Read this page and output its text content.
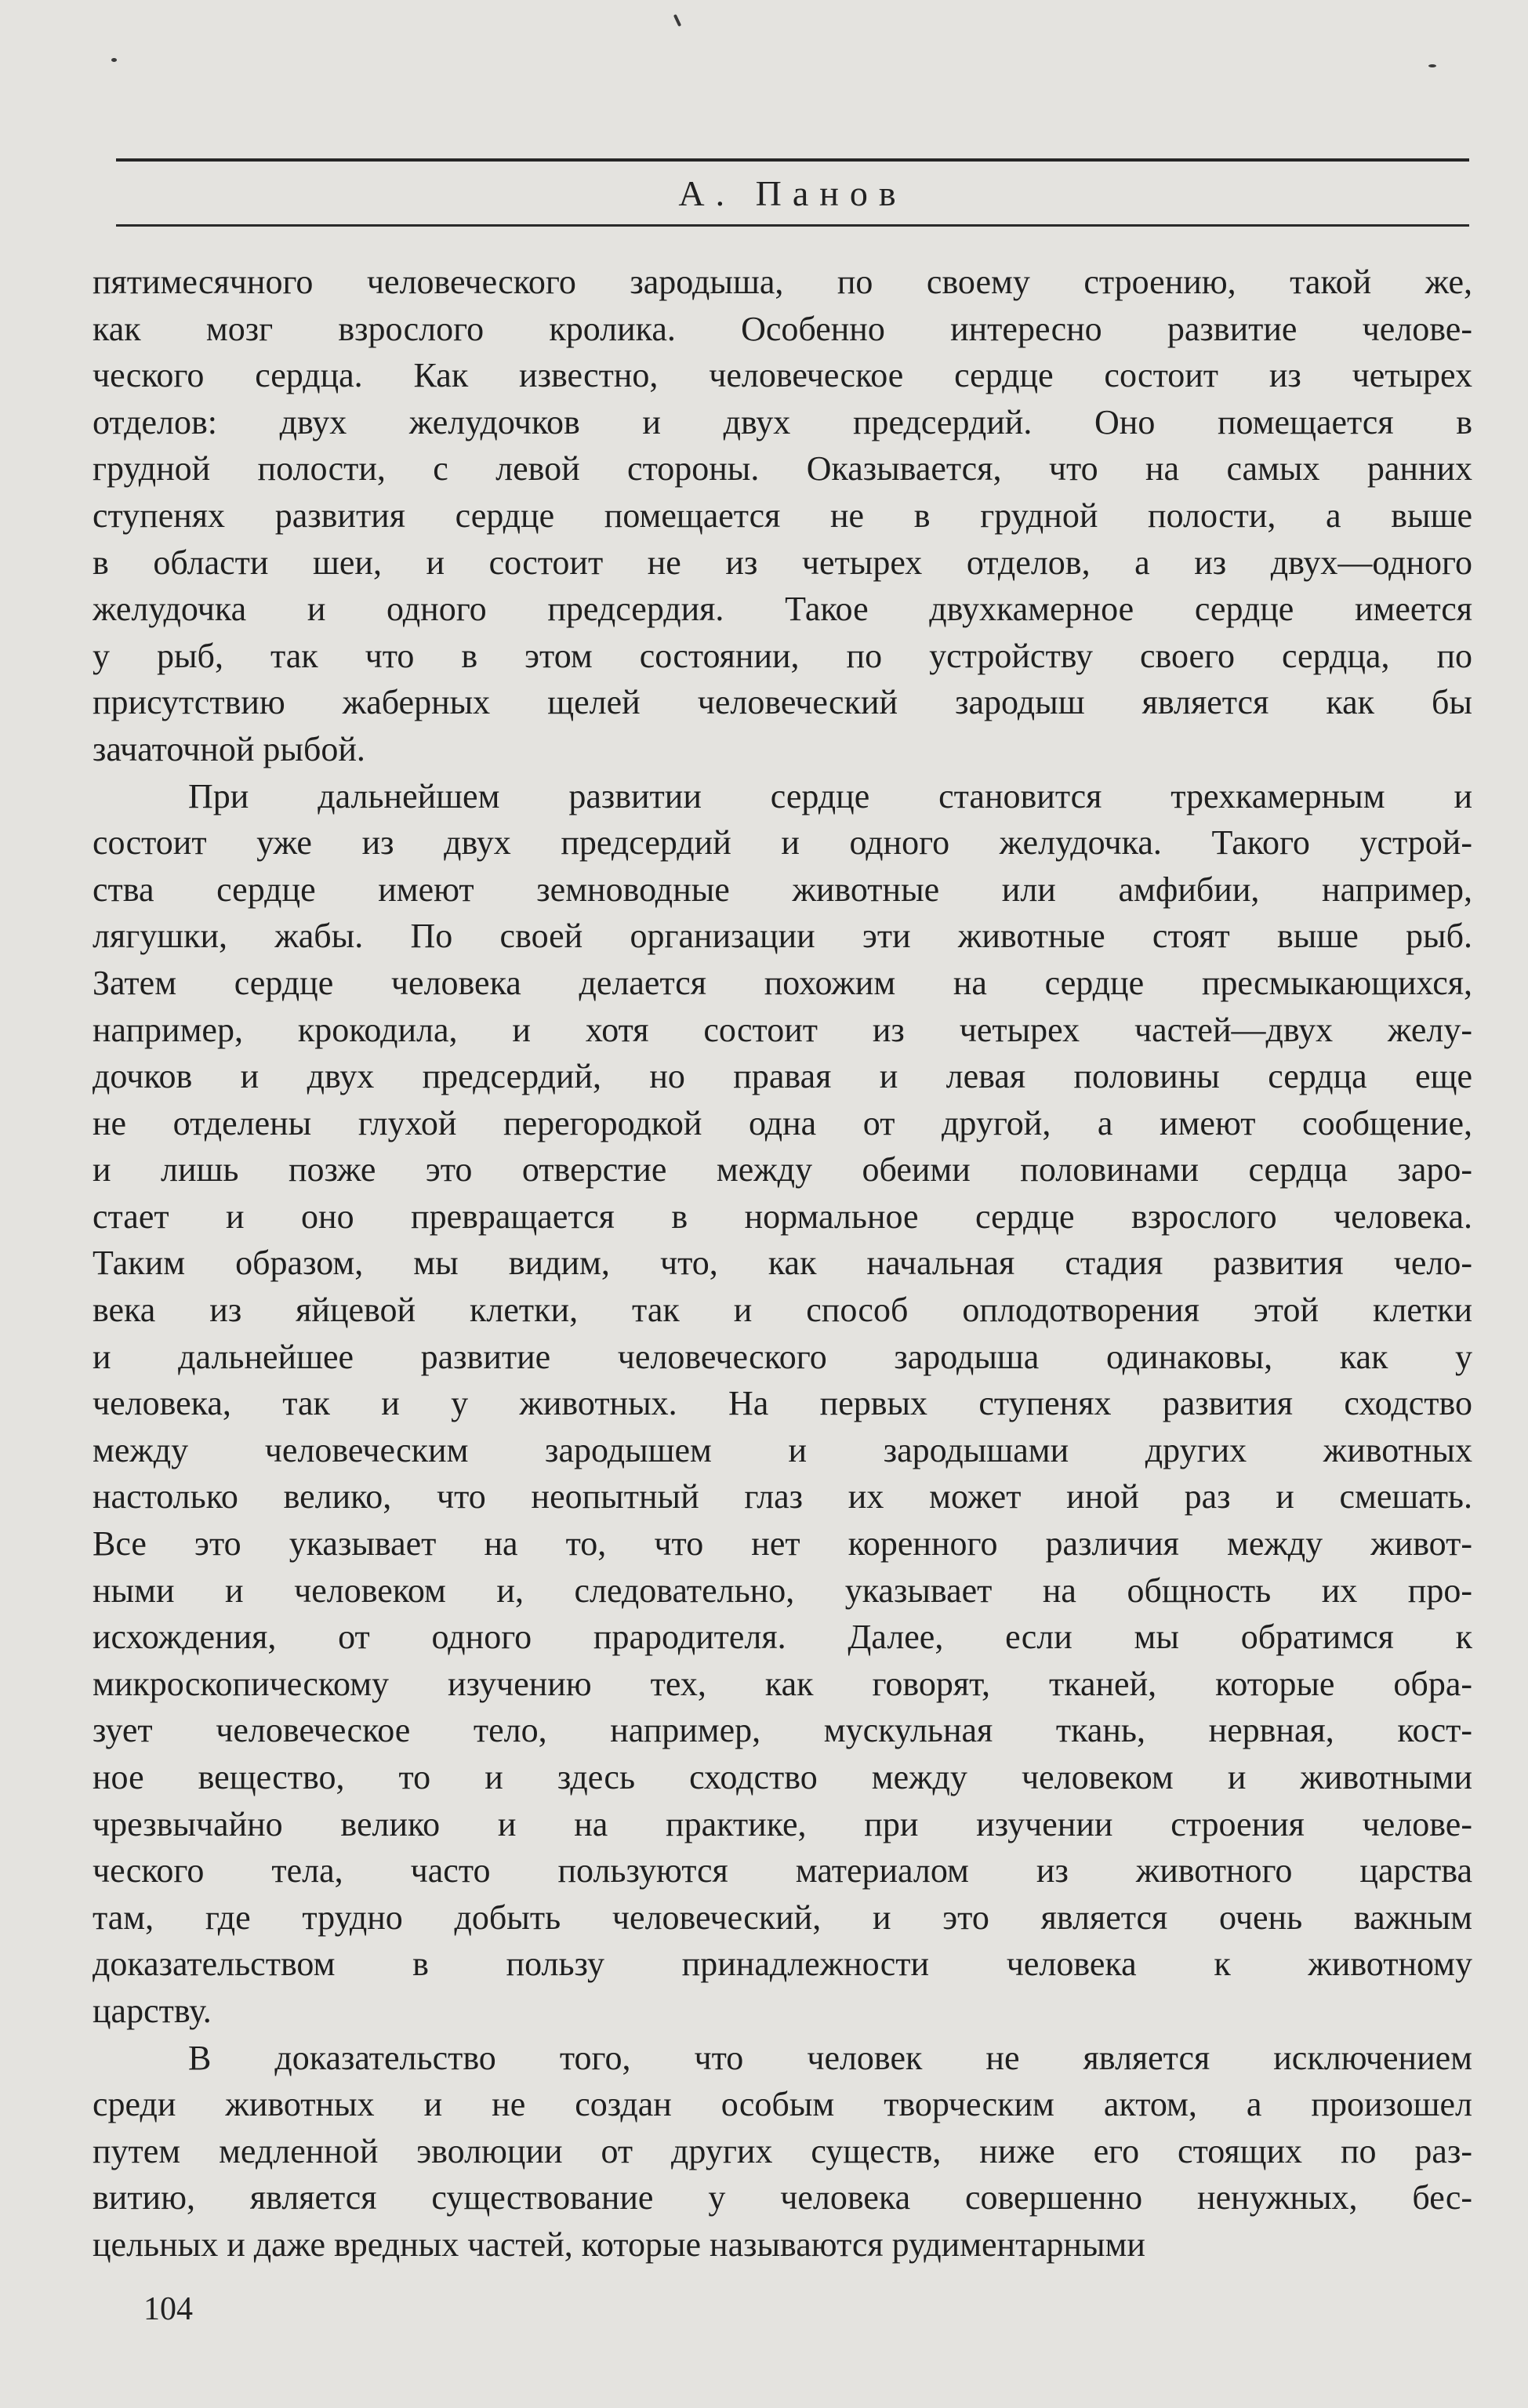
А. Панов
пятимесячного человеческого зародыша, по своему строению, такой же,
как мозг взрослого кролика. Особенно интересно развитие челове-
ческого сердца. Как известно, человеческое сердце состоит из четырех
отделов: двух желудочков и двух предсердий. Оно помещается в
грудной полости, с левой стороны. Оказывается, что на самых ранних
ступенях развития сердце помещается не в грудной полости, а выше
в области шеи, и состоит не из четырех отделов, а из двух—одного
желудочка и одного предсердия. Такое двухкамерное сердце имеется
у рыб, так что в этом состоянии, по устройству своего сердца, по
присутствию жаберных щелей человеческий зародыш является как бы
зачаточной рыбой.
При дальнейшем развитии сердце становится трехкамерным и
состоит уже из двух предсердий и одного желудочка. Такого устрой-
ства сердце имеют земноводные животные или амфибии, например,
лягушки, жабы. По своей организации эти животные стоят выше рыб.
Затем сердце человека делается похожим на сердце пресмыкающихся,
например, крокодила, и хотя состоит из четырех частей—двух желу-
дочков и двух предсердий, но правая и левая половины сердца еще
не отделены глухой перегородкой одна от другой, а имеют сообщение,
и лишь позже это отверстие между обеими половинами сердца заро-
стает и оно превращается в нормальное сердце взрослого человека.
Таким образом, мы видим, что, как начальная стадия развития чело-
века из яйцевой клетки, так и способ оплодотворения этой клетки
и дальнейшее развитие человеческого зародыша одинаковы, как у
человека, так и у животных. На первых ступенях развития сходство
между человеческим зародышем и зародышами других животных
настолько велико, что неопытный глаз их может иной раз и смешать.
Все это указывает на то, что нет коренного различия между живот-
ными и человеком и, следовательно, указывает на общность их про-
исхождения, от одного прародителя. Далее, если мы обратимся к
микроскопическому изучению тех, как говорят, тканей, которые обра-
зует человеческое тело, например, мускульная ткань, нервная, кост-
ное вещество, то и здесь сходство между человеком и животными
чрезвычайно велико и на практике, при изучении строения челове-
ческого тела, часто пользуются материалом из животного царства
там, где трудно добыть человеческий, и это является очень важным
доказательством в пользу принадлежности человека к животному
царству.
В доказательство того, что человек не является исключением
среди животных и не создан особым творческим актом, а произошел
путем медленной эволюции от других существ, ниже его стоящих по раз-
витию, является существование у человека совершенно ненужных, бес-
цельных и даже вредных частей, которые называются рудиментарными
104
